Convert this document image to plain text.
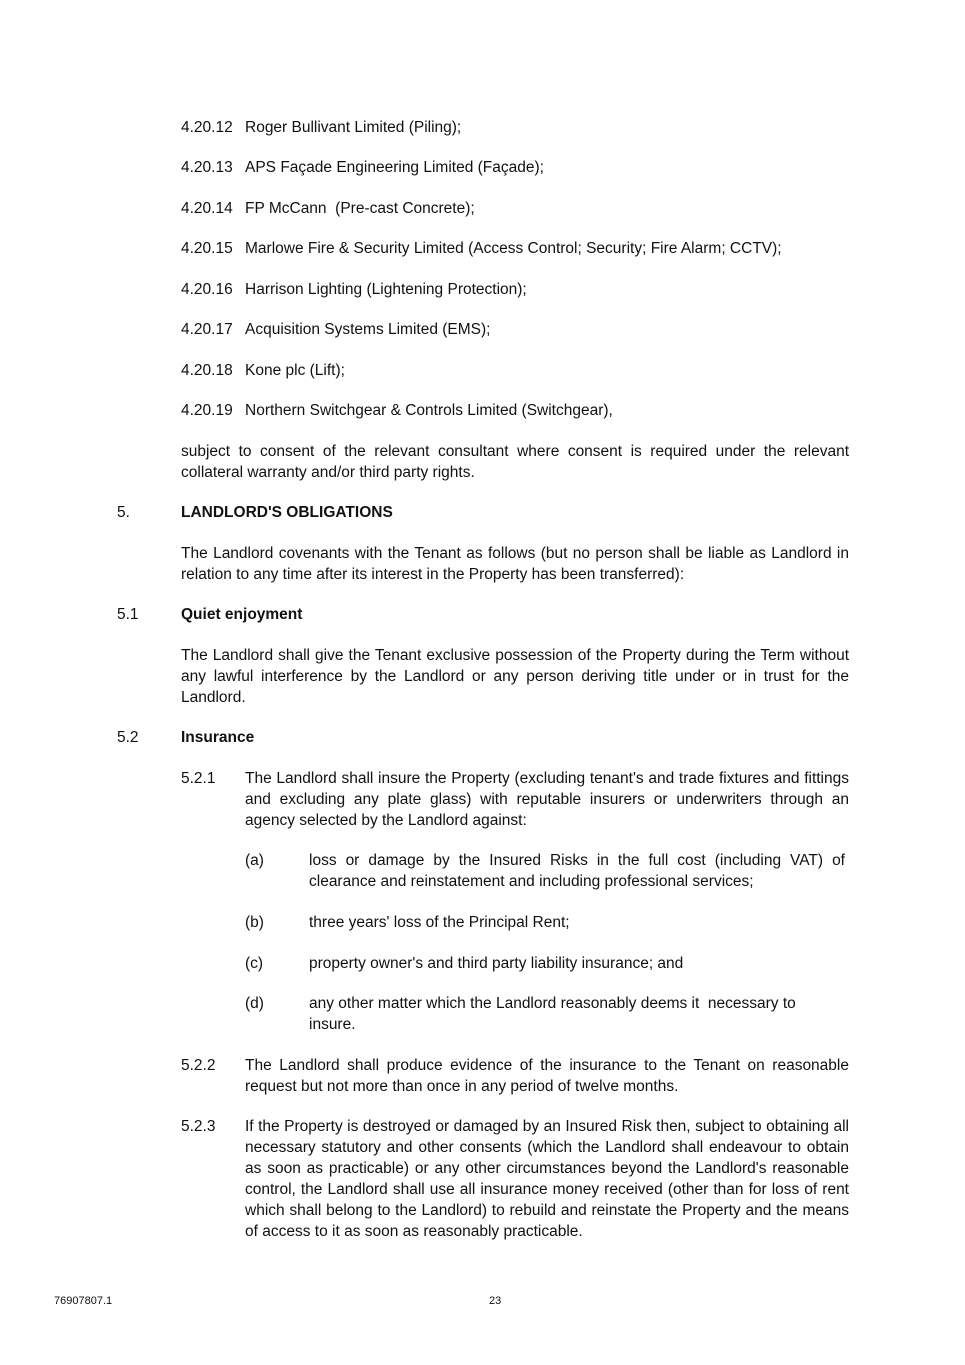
4.20.12 Roger Bullivant Limited (Piling);
4.20.13 APS Façade Engineering Limited (Façade);
4.20.14 FP McCann  (Pre-cast Concrete);
4.20.15 Marlowe Fire & Security Limited (Access Control; Security; Fire Alarm; CCTV);
4.20.16 Harrison Lighting (Lightening Protection);
4.20.17 Acquisition Systems Limited (EMS);
4.20.18 Kone plc (Lift);
4.20.19 Northern Switchgear & Controls Limited (Switchgear),
subject to consent of the relevant consultant where consent is required under the relevant collateral warranty and/or third party rights.
5.	LANDLORD'S OBLIGATIONS
The Landlord covenants with the Tenant as follows (but no person shall be liable as Landlord in relation to any time after its interest in the Property has been transferred):
5.1	Quiet enjoyment
The Landlord shall give the Tenant exclusive possession of the Property during the Term without any lawful interference by the Landlord or any person deriving title under or in trust for the Landlord.
5.2	Insurance
5.2.1 The Landlord shall insure the Property (excluding tenant's and trade fixtures and fittings and excluding any plate glass) with reputable insurers or underwriters through an agency selected by the Landlord against:
(a)	loss or damage by the Insured Risks in the full cost (including VAT) of clearance and reinstatement and including professional services;
(b)	three years' loss of the Principal Rent;
(c)	property owner's and third party liability insurance; and
(d)	any other matter which the Landlord reasonably deems it  necessary to insure.
5.2.2 The Landlord shall produce evidence of the insurance to the Tenant on reasonable request but not more than once in any period of twelve months.
5.2.3 If the Property is destroyed or damaged by an Insured Risk then, subject to obtaining all necessary statutory and other consents (which the Landlord shall endeavour to obtain as soon as practicable) or any other circumstances beyond the Landlord's reasonable control, the Landlord shall use all insurance money received (other than for loss of rent which shall belong to the Landlord) to rebuild and reinstate the Property and the means of access to it as soon as reasonably practicable.
76907807.1	23
